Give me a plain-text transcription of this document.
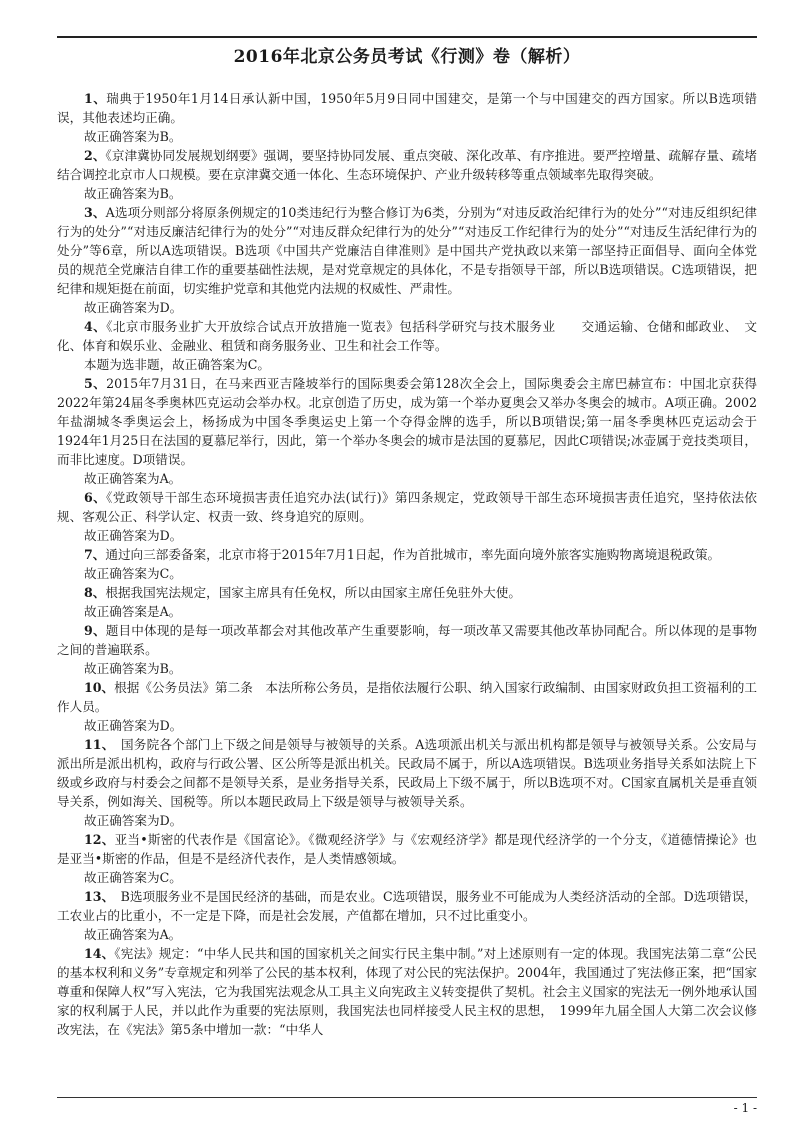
2016年北京公务员考试《行测》卷（解析）

1、瑞典于1950年1月14日承认新中国，1950年5月9日同中国建交，是第一个与中国建交的西方国家。所以B选项错误，其他表述均正确。

故正确答案为B。

2、《京津冀协同发展规划纲要》强调，要坚持协同发展、重点突破、深化改革、有序推进。要严控增量、疏解存量、疏堵结合调控北京市人口规模。要在京津冀交通一体化、生态环境保护、产业升级转移等重点领域率先取得突破。

故正确答案为B。

3、A选项分则部分将原条例规定的10类违纪行为整合修订为6类，分别为“对违反政治纪律行为的处分”“对违反组织纪律行为的处分”“对违反廉洁纪律行为的处分”“对违反群众纪律行为的处分”“对违反工作纪律行为的处分”“对违反生活纪律行为的处分”等6章，所以A选项错误。B选项《中国共产党廉洁自律准则》是中国共产党执政以来第一部坚持正面倡导、面向全体党员的规范全党廉洁自律工作的重要基础性法规，是对党章规定的具体化，不是专指领导干部，所以B选项错误。C选项错误，把纪律和规矩挺在前面，切实维护党章和其他党内法规的权威性、严肃性。

故正确答案为D。

4、《北京市服务业扩大开放综合试点开放措施一览表》包括科学研究与技术服务业　　交通运输、仓储和邮政业、　文化、体育和娱乐业、金融业、租赁和商务服务业、卫生和社会工作等。

本题为选非题，故正确答案为C。

5、2015年7月31日，在马来西亚吉隆坡举行的国际奥委会第128次全会上，国际奥委会主席巴赫宣布：中国北京获得2022年第24届冬季奥林匹克运动会举办权。北京创造了历史，成为第一个举办夏奥会又举办冬奥会的城市。A项正确。2002年盐湖城冬季奥运会上，杨扬成为中国冬季奥运史上第一个夺得金牌的选手，所以B项错误;第一届冬季奥林匹克运动会于1924年1月25日在法国的夏慕尼举行，因此，第一个举办冬奥会的城市是法国的夏慕尼，因此C项错误;冰壶属于竞技类项目，而非比速度。D项错误。

故正确答案为A。

6、《党政领导干部生态环境损害责任追究办法(试行)》第四条规定，党政领导干部生态环境损害责任追究，坚持依法依规、客观公正、科学认定、权责一致、终身追究的原则。

故正确答案为D。

7、通过向三部委备案，北京市将于2015年7月1日起，作为首批城市，率先面向境外旅客实施购物离境退税政策。

故正确答案为C。

8、根据我国宪法规定，国家主席具有任免权，所以由国家主席任免驻外大使。

故正确答案是A。

9、题目中体现的是每一项改革都会对其他改革产生重要影响，每一项改革又需要其他改革协同配合。所以体现的是事物之间的普遍联系。

故正确答案为B。

10、根据《公务员法》第二条　本法所称公务员，是指依法履行公职、纳入国家行政编制、由国家财政负担工资福利的工作人员。

故正确答案为D。

11、　国务院各个部门上下级之间是领导与被领导的关系。A选项派出机关与派出机构都是领导与被领导关系。公安局与派出所是派出机构，政府与行政公署、区公所等是派出机关。民政局不属于，所以A选项错误。B选项业务指导关系如法院上下级或乡政府与村委会之间都不是领导关系，是业务指导关系，民政局上下级不属于，所以B选项不对。C国家直属机关是垂直领导关系，例如海关、国税等。所以本题民政局上下级是领导与被领导关系。

故正确答案为D。

12、亚当•斯密的代表作是《国富论》。《微观经济学》与《宏观经济学》都是现代经济学的一个分支，《道德情操论》也是亚当•斯密的作品，但是不是经济代表作，是人类情感领域。

故正确答案为C。

13、　B选项服务业不是国民经济的基础，而是农业。C选项错误，服务业不可能成为人类经济活动的全部。D选项错误，工农业占的比重小，不一定是下降，而是社会发展，产值都在增加，只不过比重变小。

故正确答案为A。

14、《宪法》规定：“中华人民共和国的国家机关之间实行民主集中制。”对上述原则有一定的体现。我国宪法第二章“公民的基本权利和义务”专章规定和列举了公民的基本权利，体现了对公民的宪法保护。2004年，我国通过了宪法修正案，把“国家尊重和保障人权”写入宪法，它为我国宪法观念从工具主义向宪政主义转变提供了契机。社会主义国家的宪法无一例外地承认国家的权利属于人民，并以此作为重要的宪法原则，我国宪法也同样接受人民主权的思想，　1999年九届全国人大第二次会议修改宪法，在《宪法》第5条中增加一款：“中华人

- 1 -
